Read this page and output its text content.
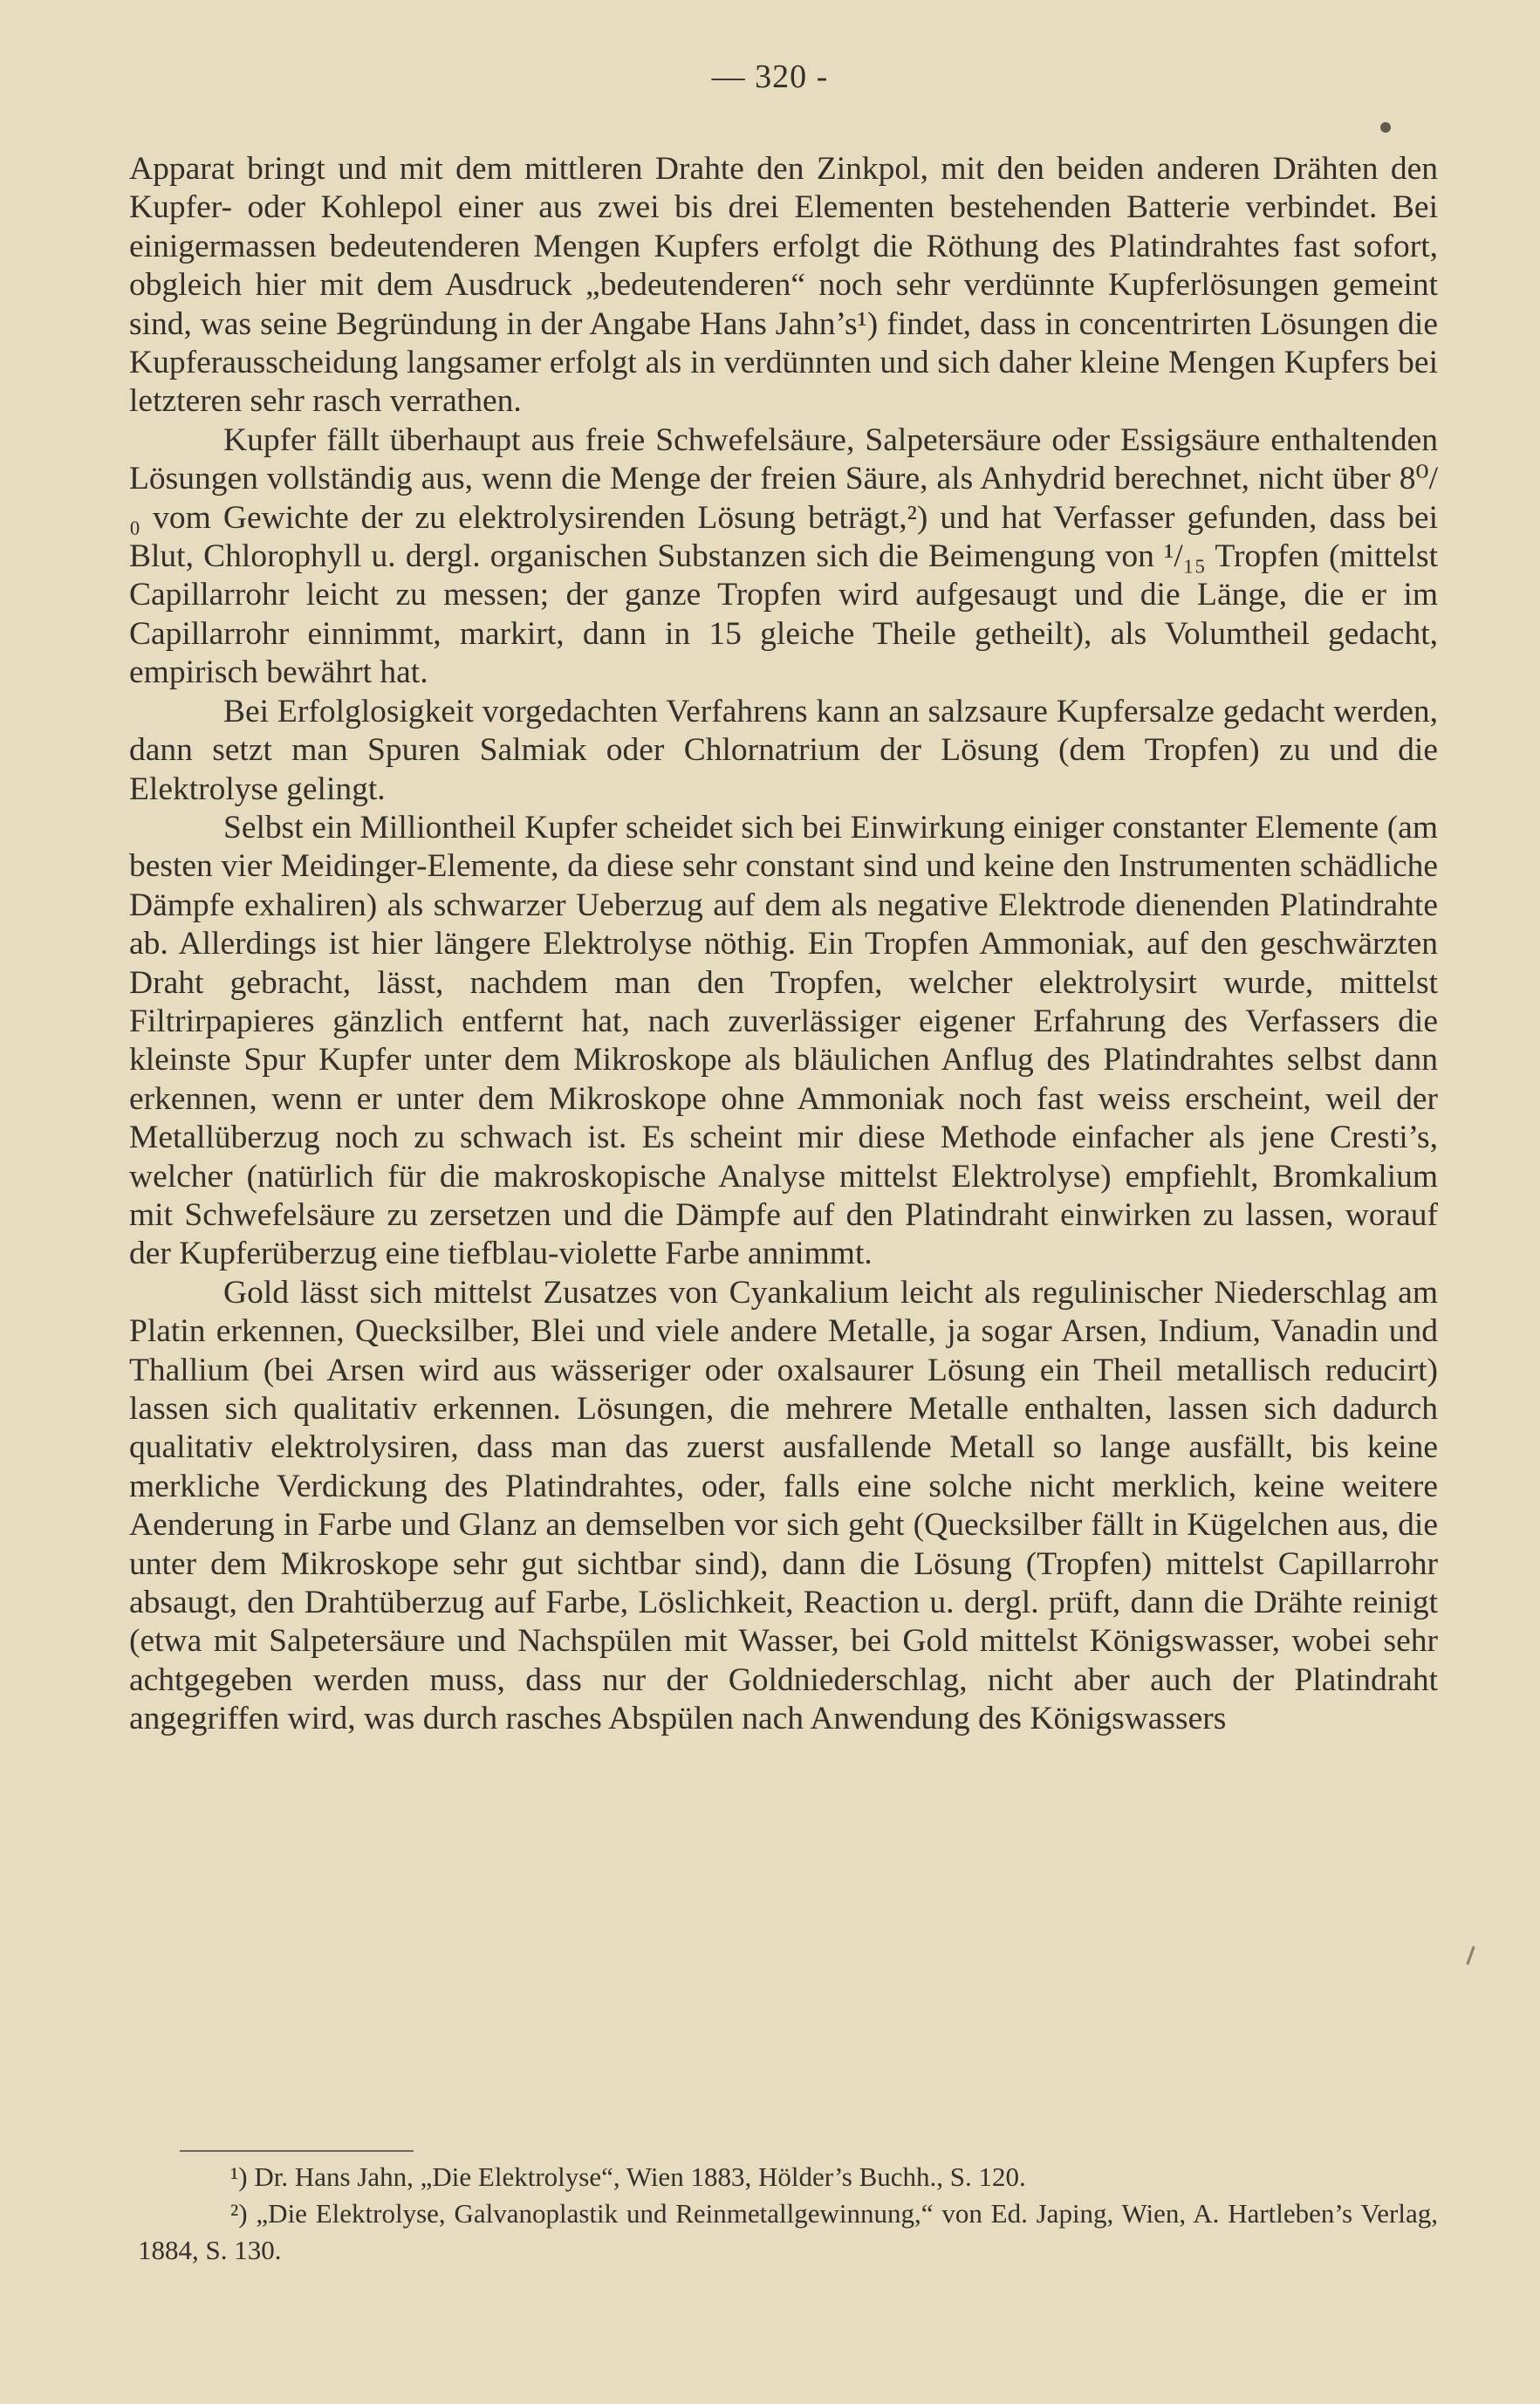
— 320 -

Apparat bringt und mit dem mittleren Drahte den Zinkpol, mit den beiden anderen Drähten den Kupfer- oder Kohlepol einer aus zwei bis drei Elementen bestehenden Batterie verbindet. Bei einigermassen bedeutenderen Mengen Kupfers erfolgt die Röthung des Platindrahtes fast sofort, obgleich hier mit dem Ausdruck „bedeutenderen“ noch sehr verdünnte Kupferlösungen gemeint sind, was seine Begründung in der Angabe Hans Jahn’s¹) findet, dass in concentrirten Lösungen die Kupferausscheidung langsamer erfolgt als in verdünnten und sich daher kleine Mengen Kupfers bei letzteren sehr rasch verrathen.

Kupfer fällt überhaupt aus freie Schwefelsäure, Salpetersäure oder Essigsäure enthaltenden Lösungen vollständig aus, wenn die Menge der freien Säure, als Anhydrid berechnet, nicht über 8⁰/₀ vom Gewichte der zu elektrolysirenden Lösung beträgt,²) und hat Verfasser gefunden, dass bei Blut, Chlorophyll u. dergl. organischen Substanzen sich die Beimengung von ¹/₁₅ Tropfen (mittelst Capillarrohr leicht zu messen; der ganze Tropfen wird aufgesaugt und die Länge, die er im Capillarrohr einnimmt, markirt, dann in 15 gleiche Theile getheilt), als Volumtheil gedacht, empirisch bewährt hat.

Bei Erfolglosigkeit vorgedachten Verfahrens kann an salzsaure Kupfersalze gedacht werden, dann setzt man Spuren Salmiak oder Chlornatrium der Lösung (dem Tropfen) zu und die Elektrolyse gelingt.

Selbst ein Milliontheil Kupfer scheidet sich bei Einwirkung einiger constanter Elemente (am besten vier Meidinger-Elemente, da diese sehr constant sind und keine den Instrumenten schädliche Dämpfe exhaliren) als schwarzer Ueberzug auf dem als negative Elektrode dienenden Platindrahte ab. Allerdings ist hier längere Elektrolyse nöthig. Ein Tropfen Ammoniak, auf den geschwärzten Draht gebracht, lässt, nachdem man den Tropfen, welcher elektrolysirt wurde, mittelst Filtrirpapieres gänzlich entfernt hat, nach zuverlässiger eigener Erfahrung des Verfassers die kleinste Spur Kupfer unter dem Mikroskope als bläulichen Anflug des Platindrahtes selbst dann erkennen, wenn er unter dem Mikroskope ohne Ammoniak noch fast weiss erscheint, weil der Metallüberzug noch zu schwach ist. Es scheint mir diese Methode einfacher als jene Cresti’s, welcher (natürlich für die makroskopische Analyse mittelst Elektrolyse) empfiehlt, Bromkalium mit Schwefelsäure zu zersetzen und die Dämpfe auf den Platindraht einwirken zu lassen, worauf der Kupferüberzug eine tiefblau-violette Farbe annimmt.

Gold lässt sich mittelst Zusatzes von Cyankalium leicht als regulinischer Niederschlag am Platin erkennen, Quecksilber, Blei und viele andere Metalle, ja sogar Arsen, Indium, Vanadin und Thallium (bei Arsen wird aus wässeriger oder oxalsaurer Lösung ein Theil metallisch reducirt) lassen sich qualitativ erkennen. Lösungen, die mehrere Metalle enthalten, lassen sich dadurch qualitativ elektrolysiren, dass man das zuerst ausfallende Metall so lange ausfällt, bis keine merkliche Verdickung des Platindrahtes, oder, falls eine solche nicht merklich, keine weitere Aenderung in Farbe und Glanz an demselben vor sich geht (Quecksilber fällt in Kügelchen aus, die unter dem Mikroskope sehr gut sichtbar sind), dann die Lösung (Tropfen) mittelst Capillarrohr absaugt, den Drahtüberzug auf Farbe, Löslichkeit, Reaction u. dergl. prüft, dann die Drähte reinigt (etwa mit Salpetersäure und Nachspülen mit Wasser, bei Gold mittelst Königswasser, wobei sehr achtgegeben werden muss, dass nur der Goldniederschlag, nicht aber auch der Platindraht angegriffen wird, was durch rasches Abspülen nach Anwendung des Königswassers

¹) Dr. Hans Jahn, „Die Elektrolyse“, Wien 1883, Hölder’s Buchh., S. 120.

²) „Die Elektrolyse, Galvanoplastik und Reinmetallgewinnung,“ von Ed. Japing, Wien, A. Hartleben’s Verlag, 1884, S. 130.
